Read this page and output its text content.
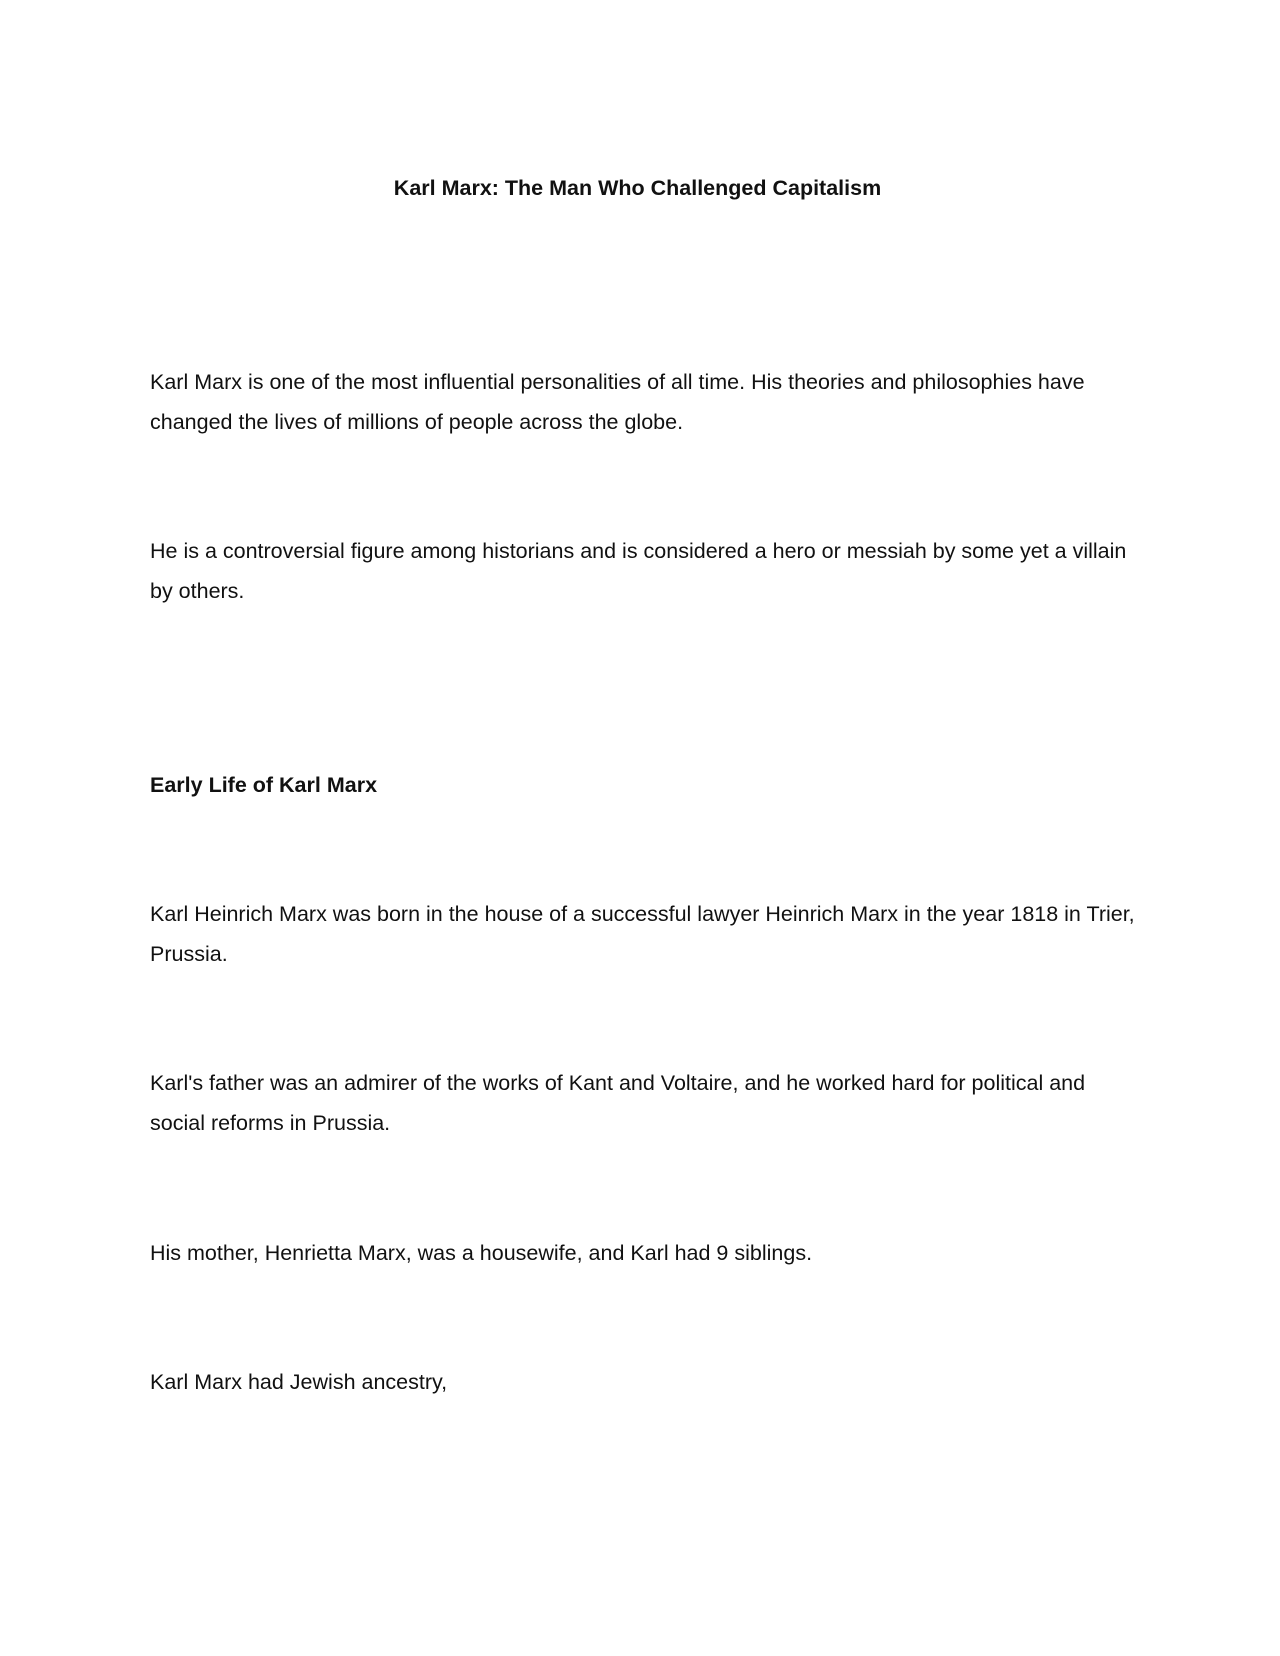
Karl Marx: The Man Who Challenged Capitalism

Karl Marx is one of the most influential personalities of all time. His theories and philosophies have changed the lives of millions of people across the globe.

He is a controversial figure among historians and is considered a hero or messiah by some yet a villain by others.

Early Life of Karl Marx

Karl Heinrich Marx was born in the house of a successful lawyer Heinrich Marx in the year 1818 in Trier, Prussia.

Karl's father was an admirer of the works of Kant and Voltaire, and he worked hard for political and social reforms in Prussia.

His mother, Henrietta Marx, was a housewife, and Karl had 9 siblings.

Karl Marx had Jewish ancestry,
